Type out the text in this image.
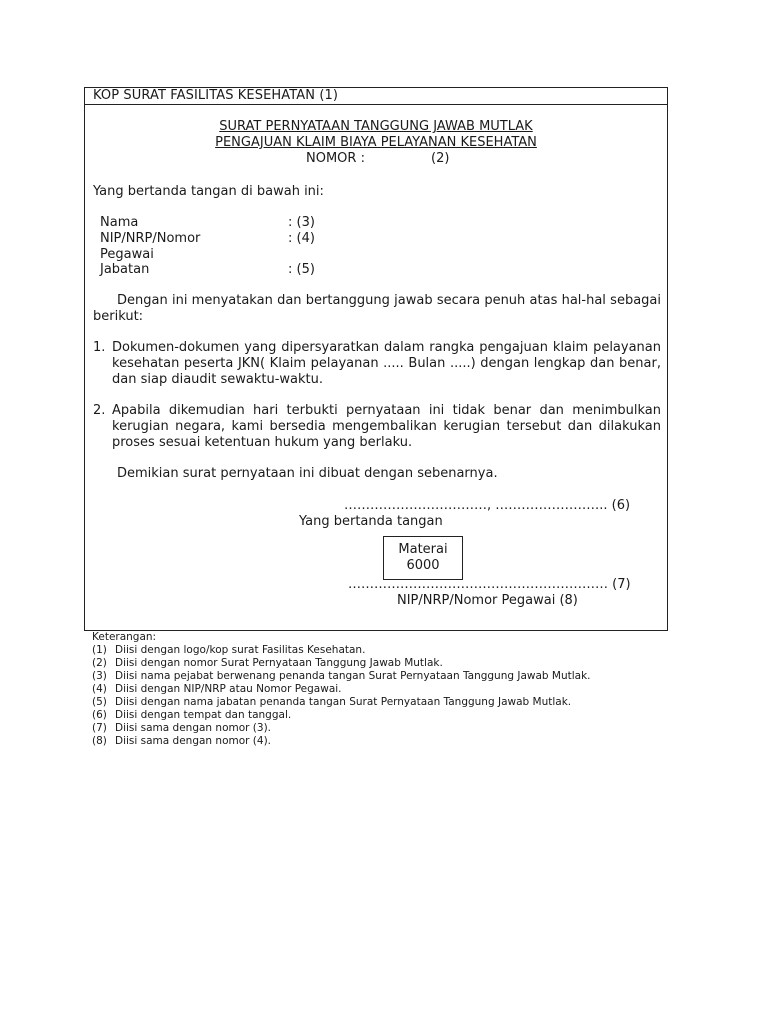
KOP SURAT FASILITAS KESEHATAN (1)
SURAT PERNYATAAN TANGGUNG JAWAB MUTLAK
PENGAJUAN KLAIM BIAYA PELAYANAN KESEHATAN
NOMOR :	(2)
Yang bertanda tangan di bawah ini:
Nama	: (3)
NIP/NRP/Nomor	: (4)
Pegawai
Jabatan	: (5)
Dengan ini menyatakan dan bertanggung jawab secara penuh atas hal-hal sebagai berikut:
1. Dokumen-dokumen yang dipersyaratkan dalam rangka pengajuan klaim pelayanan kesehatan peserta JKN( Klaim pelayanan ..... Bulan .....) dengan lengkap dan benar, dan siap diaudit sewaktu-waktu.
2. Apabila dikemudian hari terbukti pernyataan ini tidak benar dan menimbulkan kerugian negara, kami bersedia mengembalikan kerugian tersebut dan dilakukan proses sesuai ketentuan hukum yang berlaku.
Demikian surat pernyataan ini dibuat dengan sebenarnya.
……………………………, …………………….. (6)
Yang bertanda tangan
Materai
6000
…………………………………………………… (7)
NIP/NRP/Nomor Pegawai (8)
Keterangan:
(1) Diisi dengan logo/kop surat Fasilitas Kesehatan.
(2) Diisi dengan nomor Surat Pernyataan Tanggung Jawab Mutlak.
(3) Diisi nama pejabat berwenang penanda tangan Surat Pernyataan Tanggung Jawab Mutlak.
(4) Diisi dengan NIP/NRP atau Nomor Pegawai.
(5) Diisi dengan nama jabatan penanda tangan Surat Pernyataan Tanggung Jawab Mutlak.
(6) Diisi dengan tempat dan tanggal.
(7) Diisi sama dengan nomor (3).
(8) Diisi sama dengan nomor (4).
